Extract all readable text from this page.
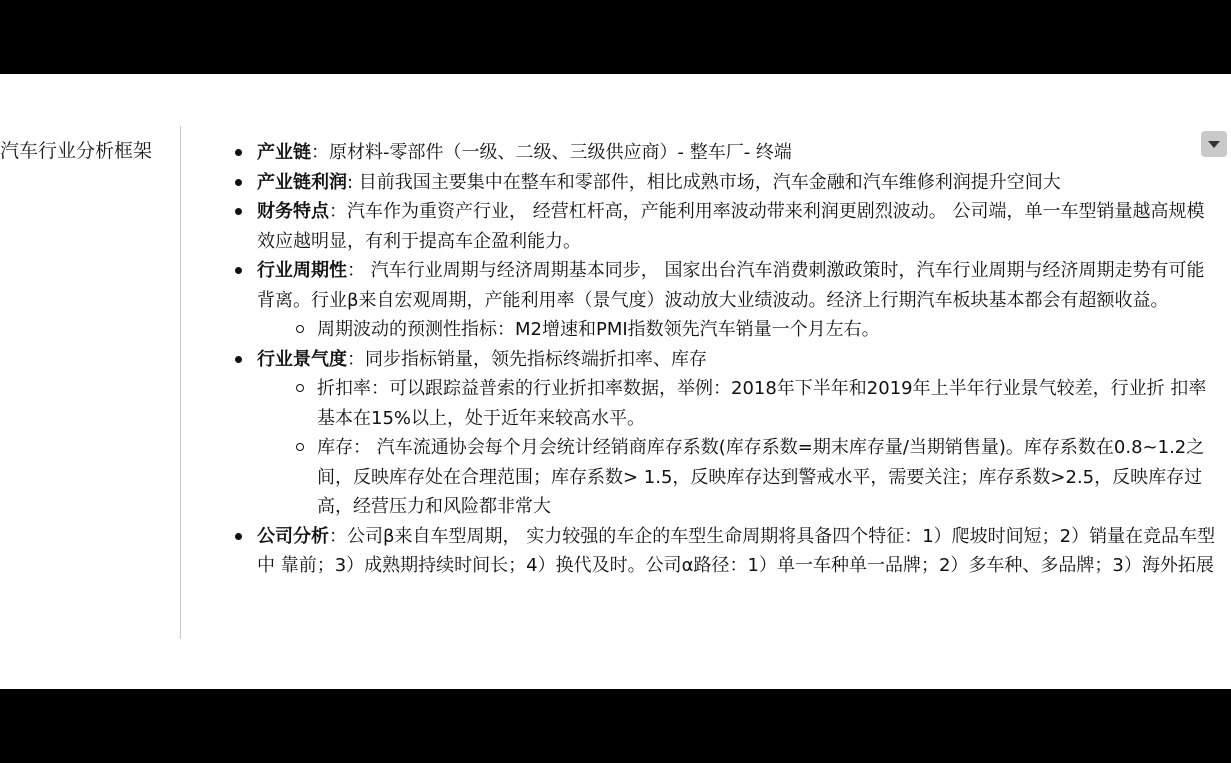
汽车行业分析框架	产业链：原材料-零部件（一级、二级、三级供应商）- 整车厂- 终端
产业链利润: 目前我国主要集中在整车和零部件，相比成熟市场，汽车金融和汽车维修利润提升空间大
财务特点：汽车作为重资产行业， 经营杠杆高，产能利用率波动带来利润更剧烈波动。 公司端，单一车型销量越高规模效应越明显，有利于提高车企盈利能力。
行业周期性： 汽车行业周期与经济周期基本同步， 国家出台汽车消费刺激政策时，汽车行业周期与经济周期走势有可能背离。行业β来自宏观周期，产能利用率（景气度）波动放大业绩波动。经济上行期汽车板块基本都会有超额收益。
周期波动的预测性指标：M2增速和PMI指数领先汽车销量一个月左右。
行业景气度：同步指标销量，领先指标终端折扣率、库存
折扣率：可以跟踪益普索的行业折扣率数据，举例：2018年下半年和2019年上半年行业景气较差，行业折 扣率基本在15%以上，处于近年来较高水平。
库存： 汽车流通协会每个月会统计经销商库存系数(库存系数=期末库存量/当期销售量)。库存系数在0.8~1.2之 间，反映库存处在合理范围；库存系数> 1.5，反映库存达到警戒水平，需要关注；库存系数>2.5，反映库存过高，经营压力和风险都非常大
公司分析：公司β来自车型周期， 实力较强的车企的车型生命周期将具备四个特征：1）爬坡时间短；2）销量在竞品车型中 靠前；3）成熟期持续时间长；4）换代及时。公司α路径：1）单一车种单一品牌；2）多车种、多品牌；3）海外拓展
